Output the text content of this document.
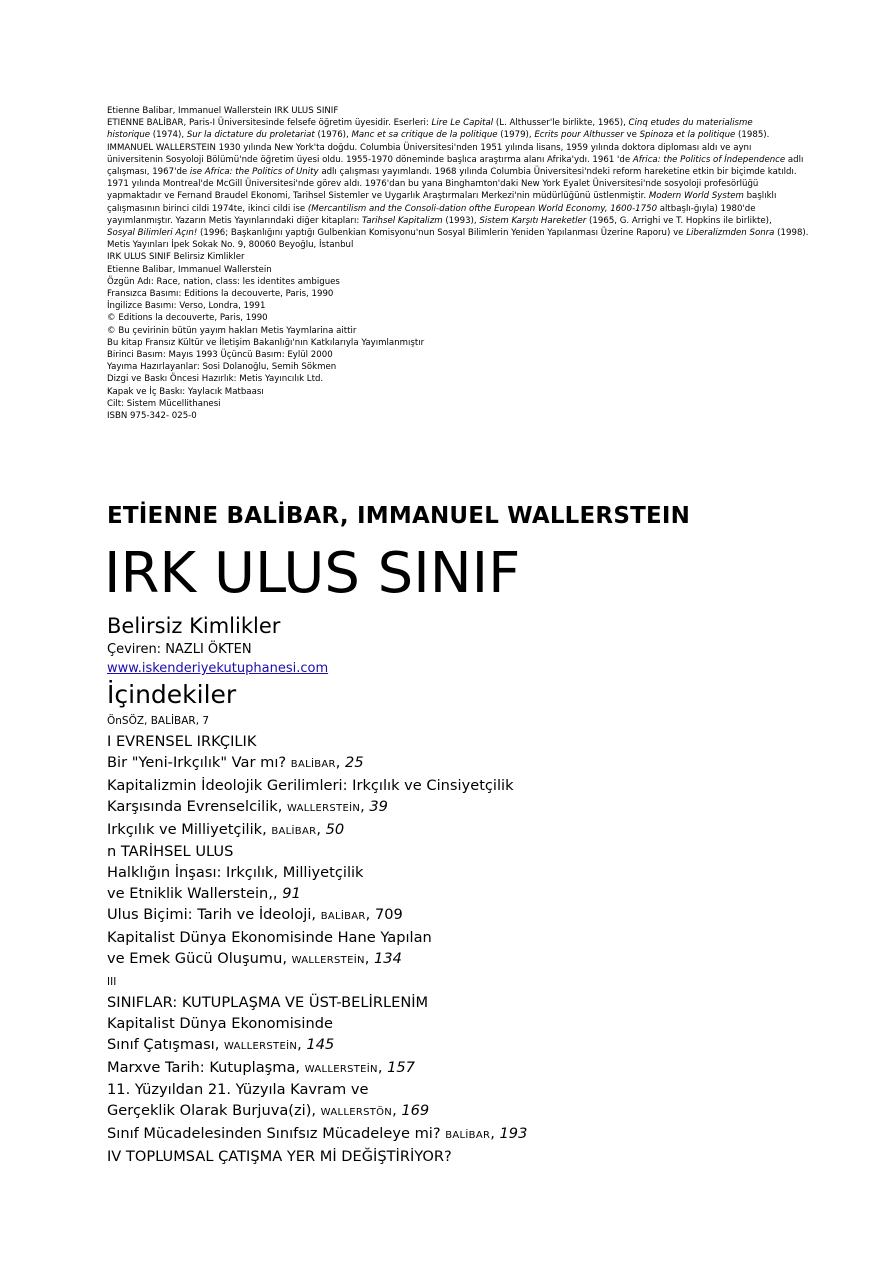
Etienne Balibar, Immanuel Wallerstein IRK ULUS SINIF
ETIENNE BALİBAR, Paris-I Üniversitesinde felsefe öğretim üyesidir. Eserleri: Lire Le Capital (L. Althusser'le birlikte, 1965), Cinq etudes du materialisme
historique (1974), Sur la dictature du proletariat (1976), Manc et sa critique de la politique (1979), Ecrits pour Althusser ve Spinoza et la politique (1985).
IMMANUEL WALLERSTEIN 1930 yılında New York'ta doğdu. Columbia Üniversitesi'nden 1951 yılında lisans, 1959 yılında doktora diploması aldı ve aynı
üniversitenin Sosyoloji Bölümü'nde öğretim üyesi oldu. 1955-1970 döneminde başlıca araştırma alanı Afrika'ydı. 1961 'de Africa: the Politics of İndependence adlı
çalışması, 1967'de ise Africa: the Politics of Unity adlı çalışması yayımlandı. 1968 yılında Columbia Üniversitesi'ndeki reform hareketine etkin bir biçimde katıldı.
1971 yılında Montreal'de McGill Üniversitesi'nde görev aldı. 1976'dan bu yana Binghamton'daki New York Eyalet Üniversitesi'nde sosyoloji profesörlüğü
yapmaktadır ve Fernand Braudel Ekonomi, Tarihsel Sistemler ve Uygarlık Araştırmaları Merkezi'nin müdürlüğünü üstlenmiştir. Modern World System başlıklı
çalışmasının birinci cildi 1974te, ikinci cildi ise (Mercantilism and the Consoli-dation ofthe European World Economy, 1600-1750 altbaşlı-ğıyla) 1980'de
yayımlanmıştır. Yazarın Metis Yayınlarındaki diğer kitapları: Tarihsel Kapitalizm (1993), Sistem Karşıtı Hareketler (1965, G. Arrighi ve T. Hopkins ile birlikte),
Sosyal Bilimleri Açın! (1996; Başkanlığını yaptığı Gulbenkian Komisyonu'nun Sosyal Bilimlerin Yeniden Yapılanması Üzerine Raporu) ve Liberalizmden Sonra (1998).
Metis Yayınları İpek Sokak No. 9, 80060 Beyoğlu, İstanbul
IRK ULUS SINIF Belirsiz Kimlikler
Etienne Balibar, Immanuel Wallerstein
Özgün Adı: Race, nation, class: les identites ambigues
Fransızca Basımı: Editions la decouverte, Paris, 1990
İngilizce Basımı: Verso, Londra, 1991
© Editions la decouverte, Paris, 1990
© Bu çevirinin bütün yayım hakları Metis Yaymlarina aittir
Bu kitap Fransız Kültür ve İletişim Bakanlığı'nın Katkılarıyla Yayımlanmıştır
Birinci Basım: Mayıs 1993 Üçüncü Basım: Eylül 2000
Yayıma Hazırlayanlar: Sosi Dolanoğlu, Semih Sökmen
Dizgi ve Baskı Öncesi Hazırlık: Metis Yayıncılık Ltd.
Kapak ve İç Baskı: Yaylacık Matbaası
Cilt: Sistem Mücellithanesi
ISBN 975-342- 025-0
ETİENNE BALİBAR, IMMANUEL WALLERSTEIN
IRK ULUS SINIF
Belirsiz Kimlikler
Çeviren: NAZLI ÖKTEN
www.iskenderiyekutuphanesi.com
İçindekiler
ÖnSÖZ, BALİBAR, 7
I EVRENSEL IRKÇILIK
Bir "Yeni-Irkçılık" Var mı? BALİBAR, 25
Kapitalizmin İdeolojik Gerilimleri: Irkçılık ve Cinsiyetçilik
Karşısında Evrenselcilik, WALLERSTEİN, 39
Irkçılık ve Milliyetçilik, BALİBAR, 50
n TARİHSEL ULUS
Halklığın İnşası: Irkçılık, Milliyetçilik
ve Etniklik Wallerstein,, 91
Ulus Biçimi: Tarih ve İdeoloji, BALİBAR, 709
Kapitalist Dünya Ekonomisinde Hane Yapılan
ve Emek Gücü Oluşumu, WALLERSTEİN, 134
III
SINIFLAR: KUTUPLAŞMA VE ÜST-BELİRLENİM
Kapitalist Dünya Ekonomisinde
Sınıf Çatışması, WALLERSTEİN, 145
Marxve Tarih: Kutuplaşma, WALLERSTEİN, 157
11. Yüzyıldan 21. Yüzyıla Kavram ve
Gerçeklik Olarak Burjuva(zi), WALLERSTÖN, 169
Sınıf Mücadelesinden Sınıfsız Mücadeleye mi? BALİBAR, 193
IV TOPLUMSAL ÇATIŞMA YER Mİ DEĞİŞTİRİYOR?
